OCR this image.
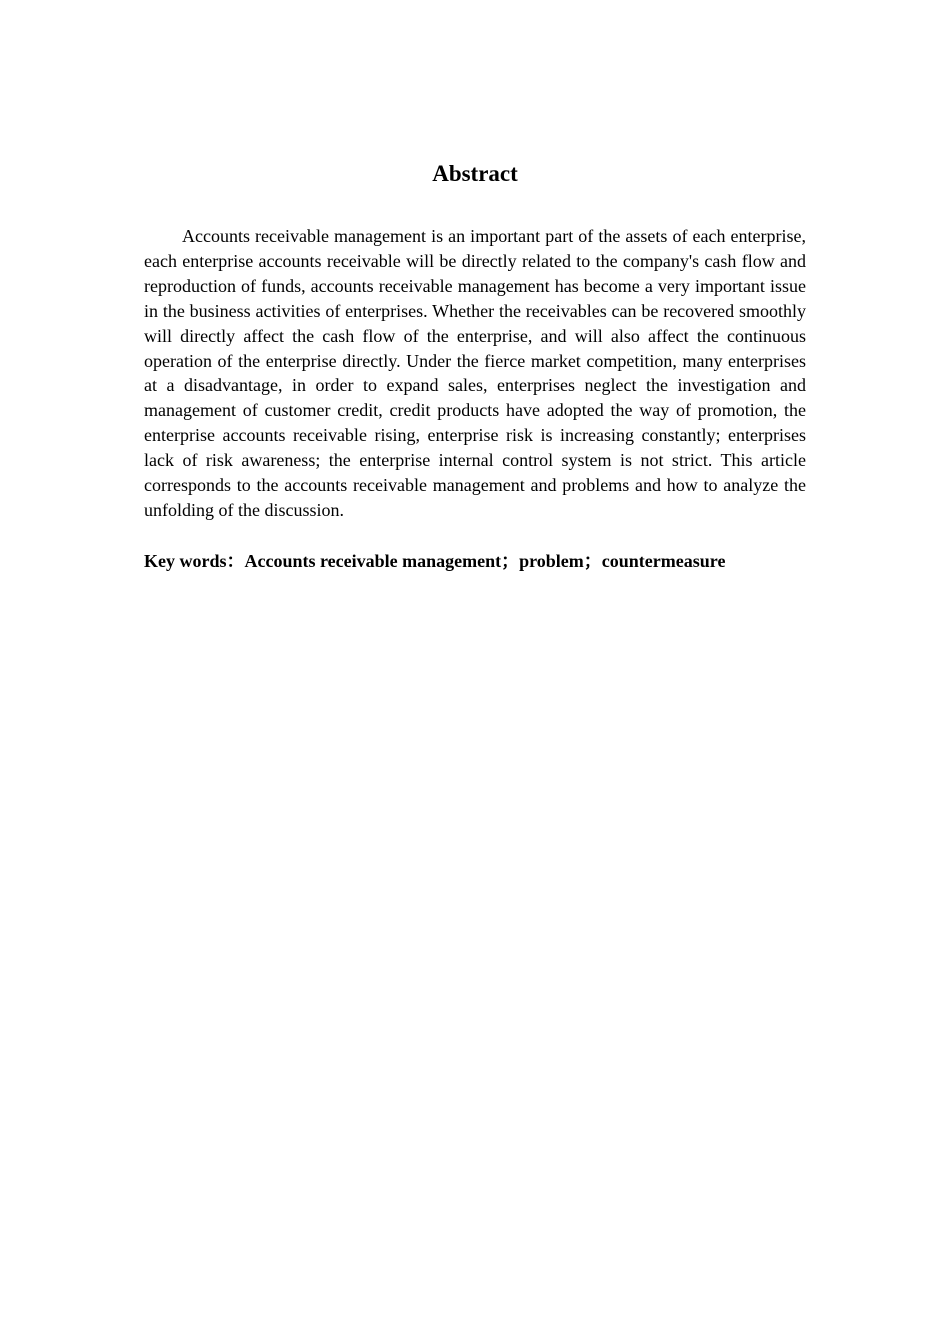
Abstract

Accounts receivable management is an important part of the assets of each enterprise, each enterprise accounts receivable will be directly related to the company's cash flow and reproduction of funds, accounts receivable management has become a very important issue in the business activities of enterprises. Whether the receivables can be recovered smoothly will directly affect the cash flow of the enterprise, and will also affect the continuous operation of the enterprise directly. Under the fierce market competition, many enterprises at a disadvantage, in order to expand sales, enterprises neglect the investigation and management of customer credit, credit products have adopted the way of promotion, the enterprise accounts receivable rising, enterprise risk is increasing constantly; enterprises lack of risk awareness; the enterprise internal control system is not strict. This article corresponds to the accounts receivable management and problems and how to analyze the unfolding of the discussion.

Key words：Accounts receivable management；problem；countermeasure
